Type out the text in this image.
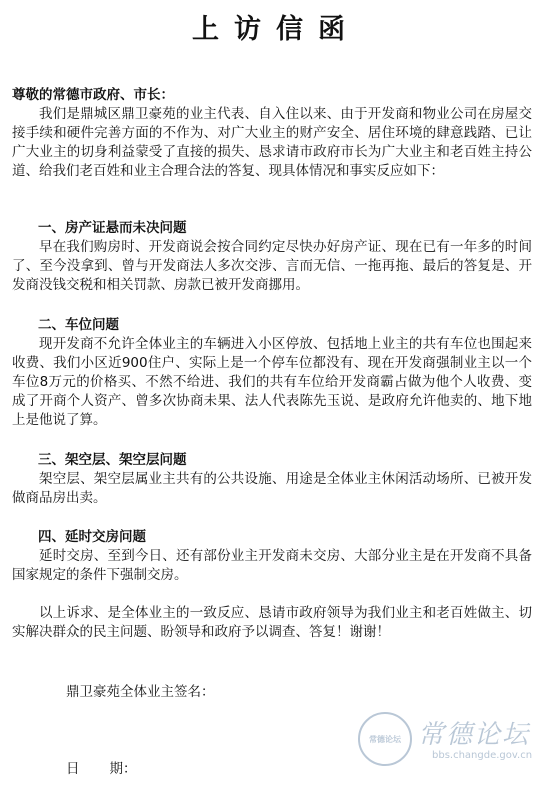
上访信函
尊敬的常德市政府、市长：
我们是鼎城区鼎卫豪苑的业主代表、自入住以来、由于开发商和物业公司在房屋交接手续和硬件完善方面的不作为、对广大业主的财产安全、居住环境的肆意践踏、已让广大业主的切身利益蒙受了直接的损失、恳求请市政府市长为广大业主和老百姓主持公道、给我们老百姓和业主合理合法的答复、现具体情况和事实反应如下：
一、房产证悬而未决问题
早在我们购房时、开发商说会按合同约定尽快办好房产证、现在已有一年多的时间了、至今没拿到、曾与开发商法人多次交涉、言而无信、一拖再拖、最后的答复是、开发商没钱交税和相关罚款、房款已被开发商挪用。
二、车位问题
现开发商不允许全体业主的车辆进入小区停放、包括地上业主的共有车位也围起来收费、我们小区近900住户、实际上是一个停车位都没有、现在开发商强制业主以一个车位8万元的价格买、不然不给进、我们的共有车位给开发商霸占做为他个人收费、变成了开商个人资产、曾多次协商未果、法人代表陈先玉说、是政府允许他卖的、地下地上是他说了算。
三、架空层、架空层问题
架空层、架空层属业主共有的公共设施、用途是全体业主休闲活动场所、已被开发做商品房出卖。
四、延时交房问题
延时交房、至到今日、还有部份业主开发商未交房、大部分业主是在开发商不具备国家规定的条件下强制交房。
以上诉求、是全体业主的一致反应、恳请市政府领导为我们业主和老百姓做主、切实解决群众的民主问题、盼领导和政府予以调查、答复！谢谢！
鼎卫豪苑全体业主签名：
日 期：
常德论坛 常德论坛
bbs.changde.gov.cn
